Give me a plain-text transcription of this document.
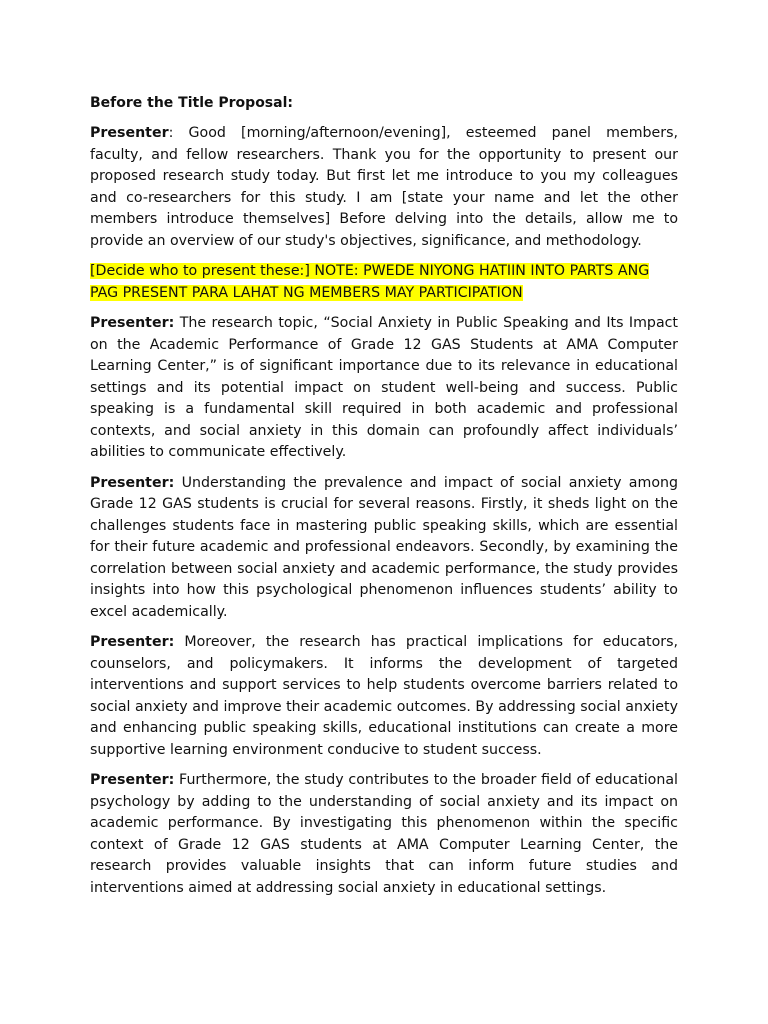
Before the Title Proposal:

Presenter: Good [morning/afternoon/evening], esteemed panel members, faculty, and fellow researchers. Thank you for the opportunity to present our proposed research study today. But first let me introduce to you my colleagues and co-researchers for this study. I am [state your name and let the other members introduce themselves] Before delving into the details, allow me to provide an overview of our study's objectives, significance, and methodology.

[Decide who to present these:] NOTE: PWEDE NIYONG HATIIN INTO PARTS ANG PAG PRESENT PARA LAHAT NG MEMBERS MAY PARTICIPATION

Presenter: The research topic, “Social Anxiety in Public Speaking and Its Impact on the Academic Performance of Grade 12 GAS Students at AMA Computer Learning Center,” is of significant importance due to its relevance in educational settings and its potential impact on student well-being and success. Public speaking is a fundamental skill required in both academic and professional contexts, and social anxiety in this domain can profoundly affect individuals’ abilities to communicate effectively.

Presenter: Understanding the prevalence and impact of social anxiety among Grade 12 GAS students is crucial for several reasons. Firstly, it sheds light on the challenges students face in mastering public speaking skills, which are essential for their future academic and professional endeavors. Secondly, by examining the correlation between social anxiety and academic performance, the study provides insights into how this psychological phenomenon influences students’ ability to excel academically.

Presenter: Moreover, the research has practical implications for educators, counselors, and policymakers. It informs the development of targeted interventions and support services to help students overcome barriers related to social anxiety and improve their academic outcomes. By addressing social anxiety and enhancing public speaking skills, educational institutions can create a more supportive learning environment conducive to student success.

Presenter: Furthermore, the study contributes to the broader field of educational psychology by adding to the understanding of social anxiety and its impact on academic performance. By investigating this phenomenon within the specific context of Grade 12 GAS students at AMA Computer Learning Center, the research provides valuable insights that can inform future studies and interventions aimed at addressing social anxiety in educational settings.
